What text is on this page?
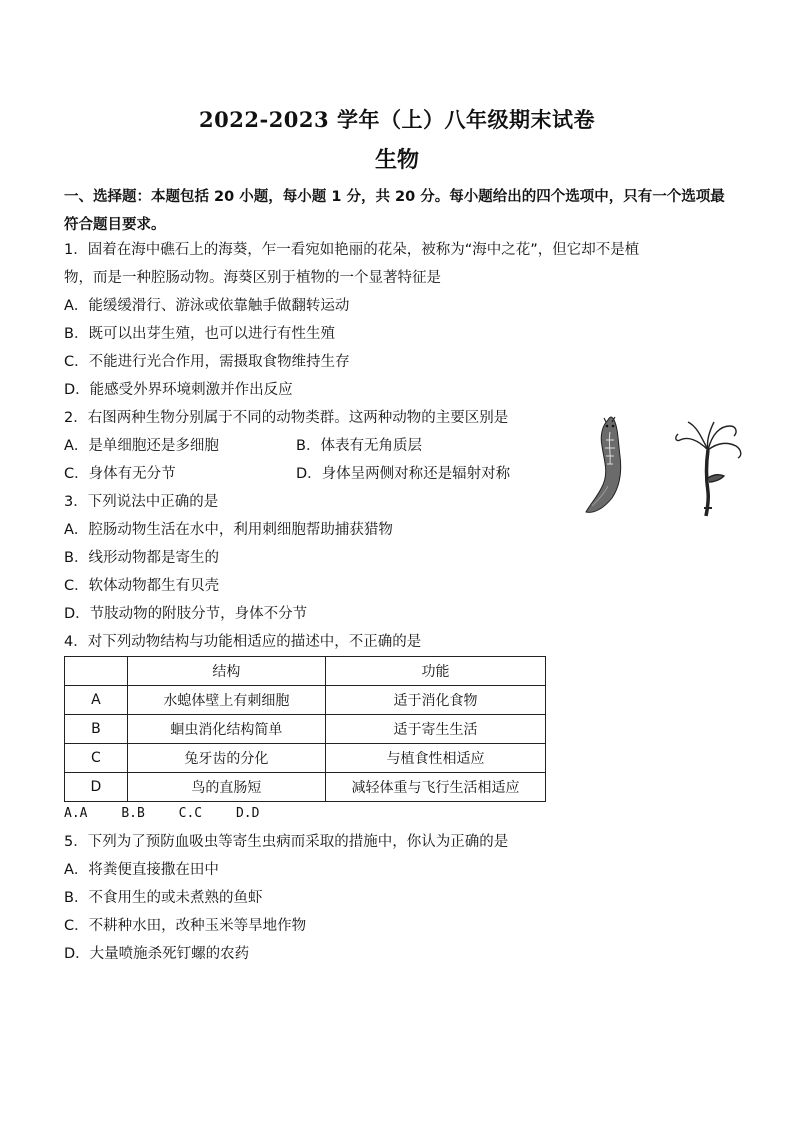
2022-2023 学年（上）八年级期末试卷
生物
一、选择题：本题包括 20 小题，每小题 1 分，共 20 分。每小题给出的四个选项中，只有一个选项最符合题目要求。
1．固着在海中礁石上的海葵，乍一看宛如艳丽的花朵，被称为“海中之花”，但它却不是植
物，而是一种腔肠动物。海葵区别于植物的一个显著特征是
A．能缓缓滑行、游泳或依靠触手做翻转运动
B．既可以出芽生殖，也可以进行有性生殖
C．不能进行光合作用，需摄取食物维持生存
D．能感受外界环境刺激并作出反应
2．右图两种生物分别属于不同的动物类群。这两种动物的主要区别是
A．是单细胞还是多细胞	B．体表有无角质层
C．身体有无分节	D．身体呈两侧对称还是辐射对称
3．下列说法中正确的是
A．腔肠动物生活在水中，利用刺细胞帮助捕获猎物
B．线形动物都是寄生的
C．软体动物都生有贝壳
D．节肢动物的附肢分节，身体不分节
4．对下列动物结构与功能相适应的描述中，不正确的是
	结构	功能
A	水螅体壁上有刺细胞	适于消化食物
B	蛔虫消化结构简单	适于寄生生活
C	兔牙齿的分化	与植食性相适应
D	鸟的直肠短	减轻体重与飞行生活相适应
A.A	B.B	C.C	D.D
5．下列为了预防血吸虫等寄生虫病而采取的措施中，你认为正确的是
A．将粪便直接撒在田中
B．不食用生的或未煮熟的鱼虾
C．不耕种水田，改种玉米等旱地作物
D．大量喷施杀死钉螺的农药
